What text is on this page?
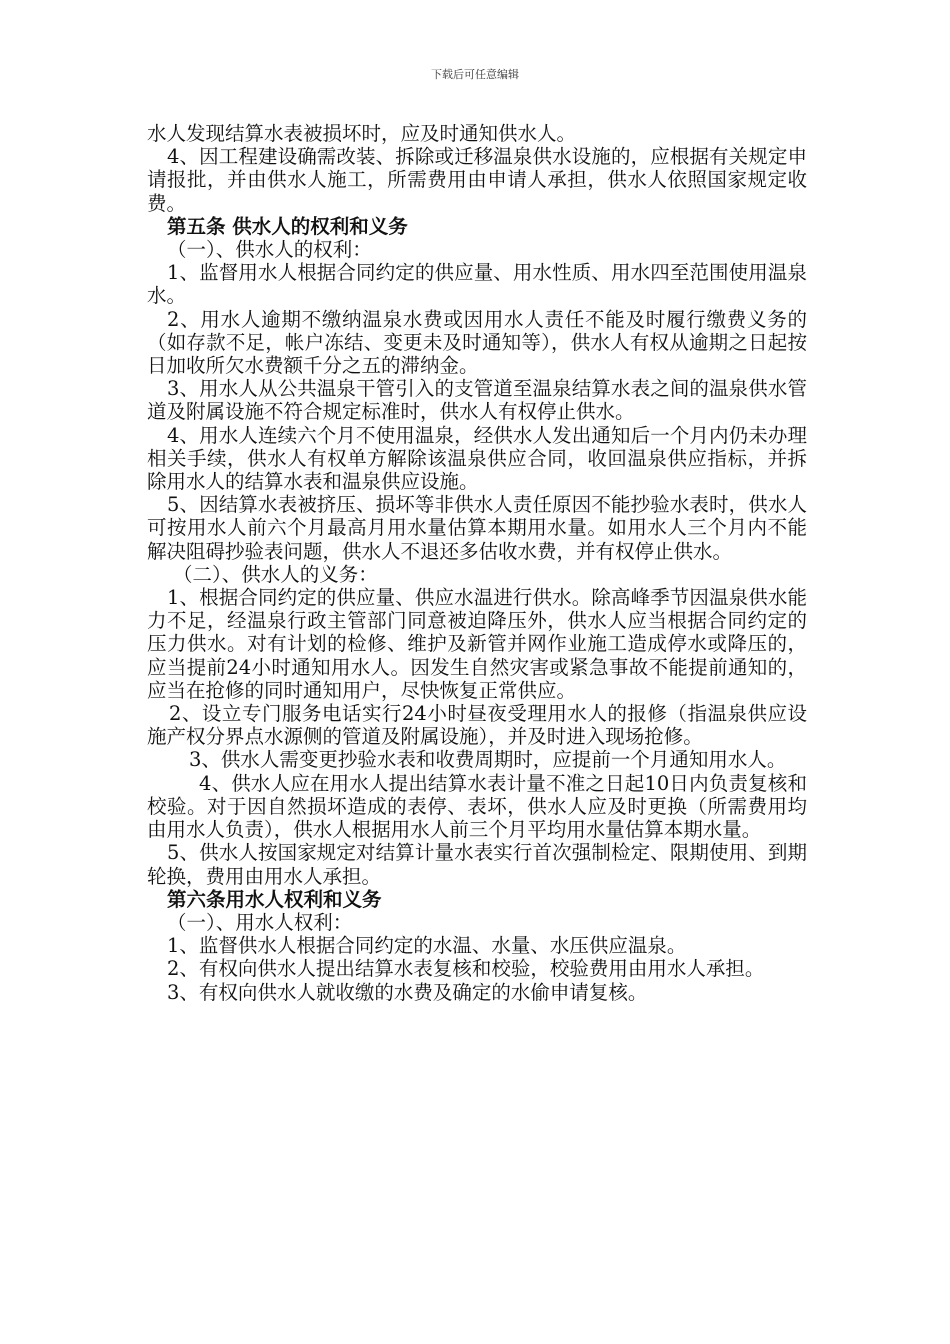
下载后可任意编辑

水人发现结算水表被损坏时，应及时通知供水人。

4、因工程建设确需改装、拆除或迁移温泉供水设施的，应根据有关规定申请报批，并由供水人施工，所需费用由申请人承担，供水人依照国家规定收费。

第五条 供水人的权利和义务

（一）、供水人的权利：

1、监督用水人根据合同约定的供应量、用水性质、用水四至范围使用温泉水。

2、用水人逾期不缴纳温泉水费或因用水人责任不能及时履行缴费义务的（如存款不足，帐户冻结、变更未及时通知等），供水人有权从逾期之日起按日加收所欠水费额千分之五的滞纳金。

3、用水人从公共温泉干管引入的支管道至温泉结算水表之间的温泉供水管道及附属设施不符合规定标准时，供水人有权停止供水。

4、用水人连续六个月不使用温泉，经供水人发出通知后一个月内仍未办理相关手续，供水人有权单方解除该温泉供应合同，收回温泉供应指标，并拆除用水人的结算水表和温泉供应设施。

5、因结算水表被挤压、损坏等非供水人责任原因不能抄验水表时，供水人可按用水人前六个月最高月用水量估算本期用水量。如用水人三个月内不能解决阻碍抄验表问题，供水人不退还多估收水费，并有权停止供水。

（二）、供水人的义务：

1、根据合同约定的供应量、供应水温进行供水。除高峰季节因温泉供水能力不足，经温泉行政主管部门同意被迫降压外，供水人应当根据合同约定的压力供水。对有计划的检修、维护及新管并网作业施工造成停水或降压的，应当提前24小时通知用水人。因发生自然灾害或紧急事故不能提前通知的，应当在抢修的同时通知用户，尽快恢复正常供应。

2、设立专门服务电话实行24小时昼夜受理用水人的报修（指温泉供应设施产权分界点水源侧的管道及附属设施），并及时进入现场抢修。

3、供水人需变更抄验水表和收费周期时，应提前一个月通知用水人。

4、供水人应在用水人提出结算水表计量不准之日起10日内负责复核和校验。对于因自然损坏造成的表停、表坏，供水人应及时更换（所需费用均由用水人负责），供水人根据用水人前三个月平均用水量估算本期水量。

5、供水人按国家规定对结算计量水表实行首次强制检定、限期使用、到期轮换，费用由用水人承担。

第六条用水人权利和义务

（一）、用水人权利：

1、监督供水人根据合同约定的水温、水量、水压供应温泉。

2、有权向供水人提出结算水表复核和校验，校验费用由用水人承担。

3、有权向供水人就收缴的水费及确定的水偷申请复核。
